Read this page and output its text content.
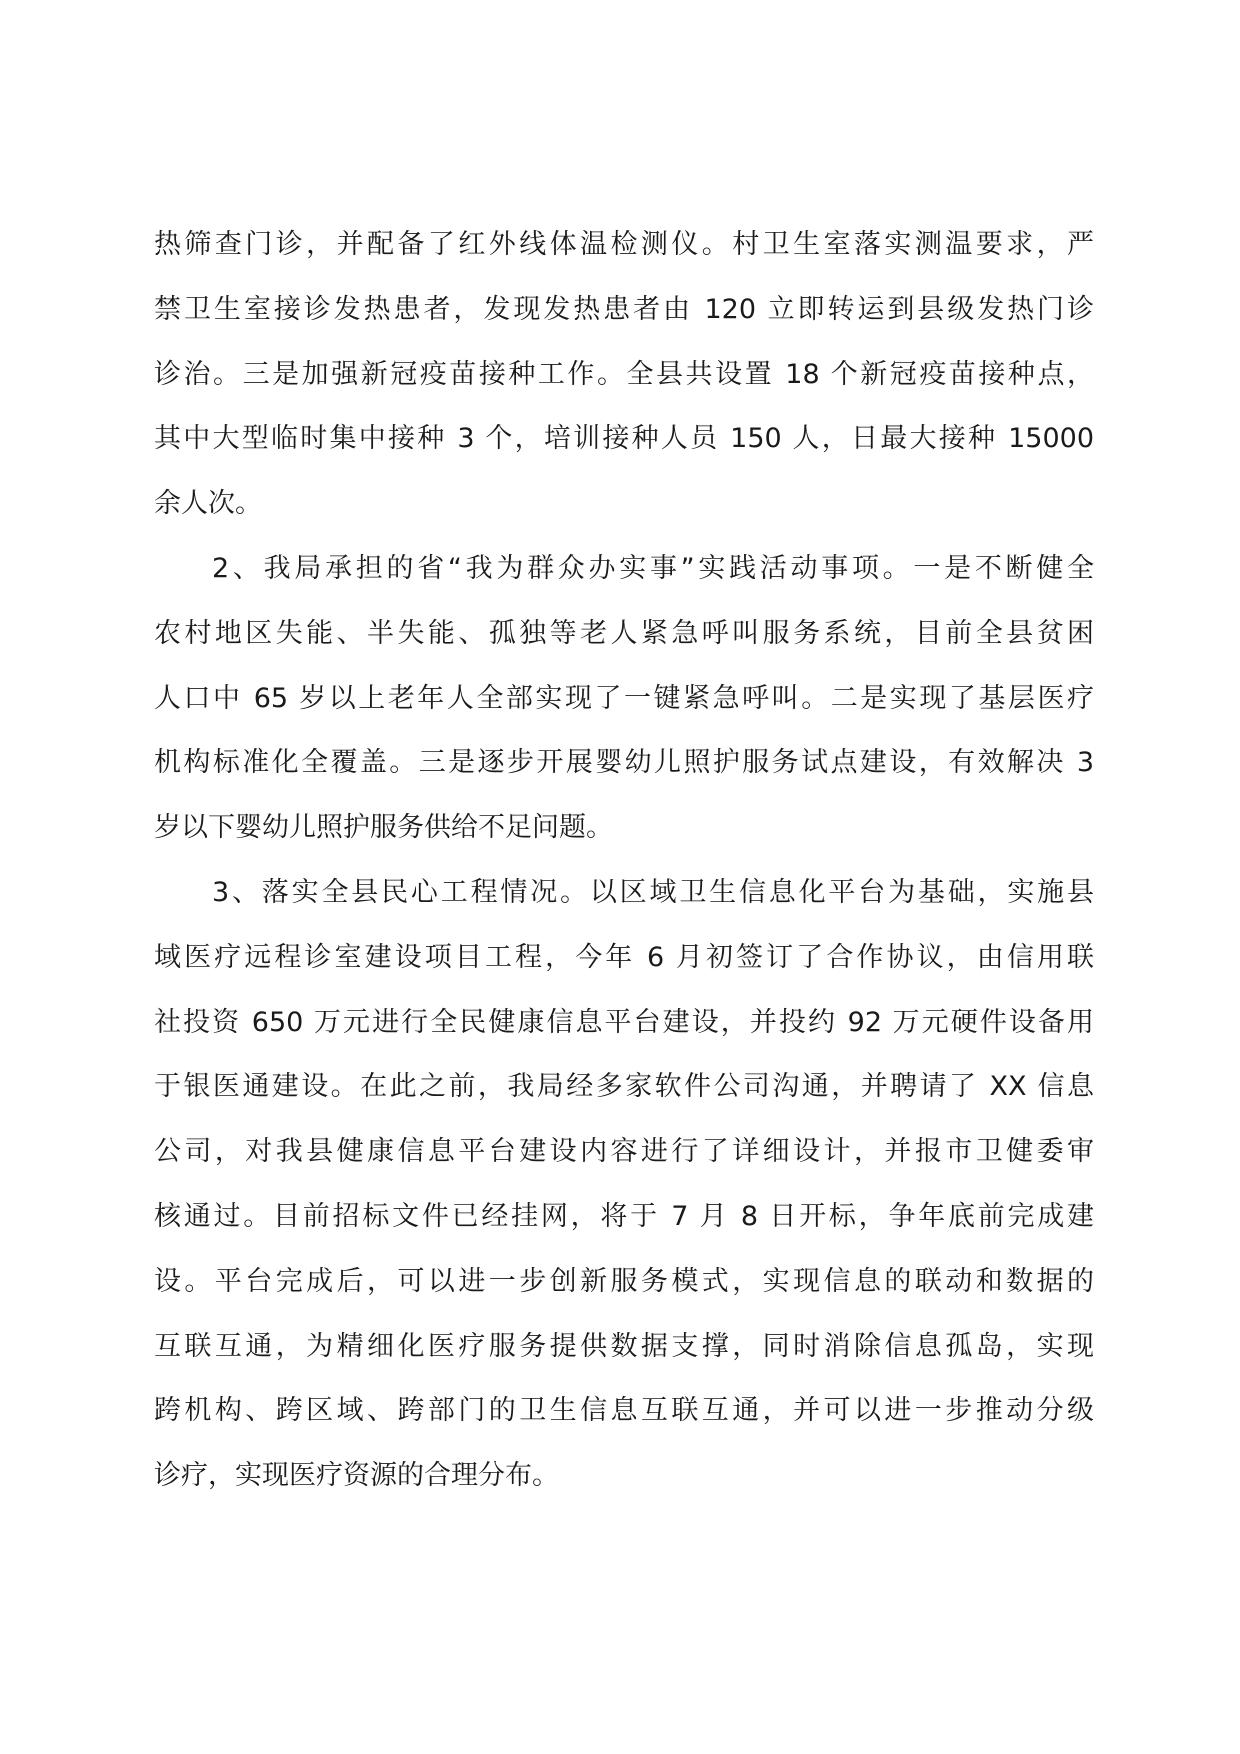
热筛查门诊，并配备了红外线体温检测仪。村卫生室落实测温要求，严
禁卫生室接诊发热患者，发现发热患者由 120 立即转运到县级发热门诊
诊治。三是加强新冠疫苗接种工作。全县共设置 18 个新冠疫苗接种点，
其中大型临时集中接种 3 个，培训接种人员 150 人，日最大接种 15000
余人次。
2、我局承担的省“我为群众办实事”实践活动事项。一是不断健全
农村地区失能、半失能、孤独等老人紧急呼叫服务系统，目前全县贫困
人口中 65 岁以上老年人全部实现了一键紧急呼叫。二是实现了基层医疗
机构标准化全覆盖。三是逐步开展婴幼儿照护服务试点建设，有效解决 3
岁以下婴幼儿照护服务供给不足问题。
3、落实全县民心工程情况。以区域卫生信息化平台为基础，实施县
域医疗远程诊室建设项目工程，今年 6 月初签订了合作协议，由信用联
社投资 650 万元进行全民健康信息平台建设，并投约 92 万元硬件设备用
于银医通建设。在此之前，我局经多家软件公司沟通，并聘请了 XX 信息
公司，对我县健康信息平台建设内容进行了详细设计，并报市卫健委审
核通过。目前招标文件已经挂网，将于 7 月 8 日开标，争年底前完成建
设。平台完成后，可以进一步创新服务模式，实现信息的联动和数据的
互联互通，为精细化医疗服务提供数据支撑，同时消除信息孤岛，实现
跨机构、跨区域、跨部门的卫生信息互联互通，并可以进一步推动分级
诊疗，实现医疗资源的合理分布。
